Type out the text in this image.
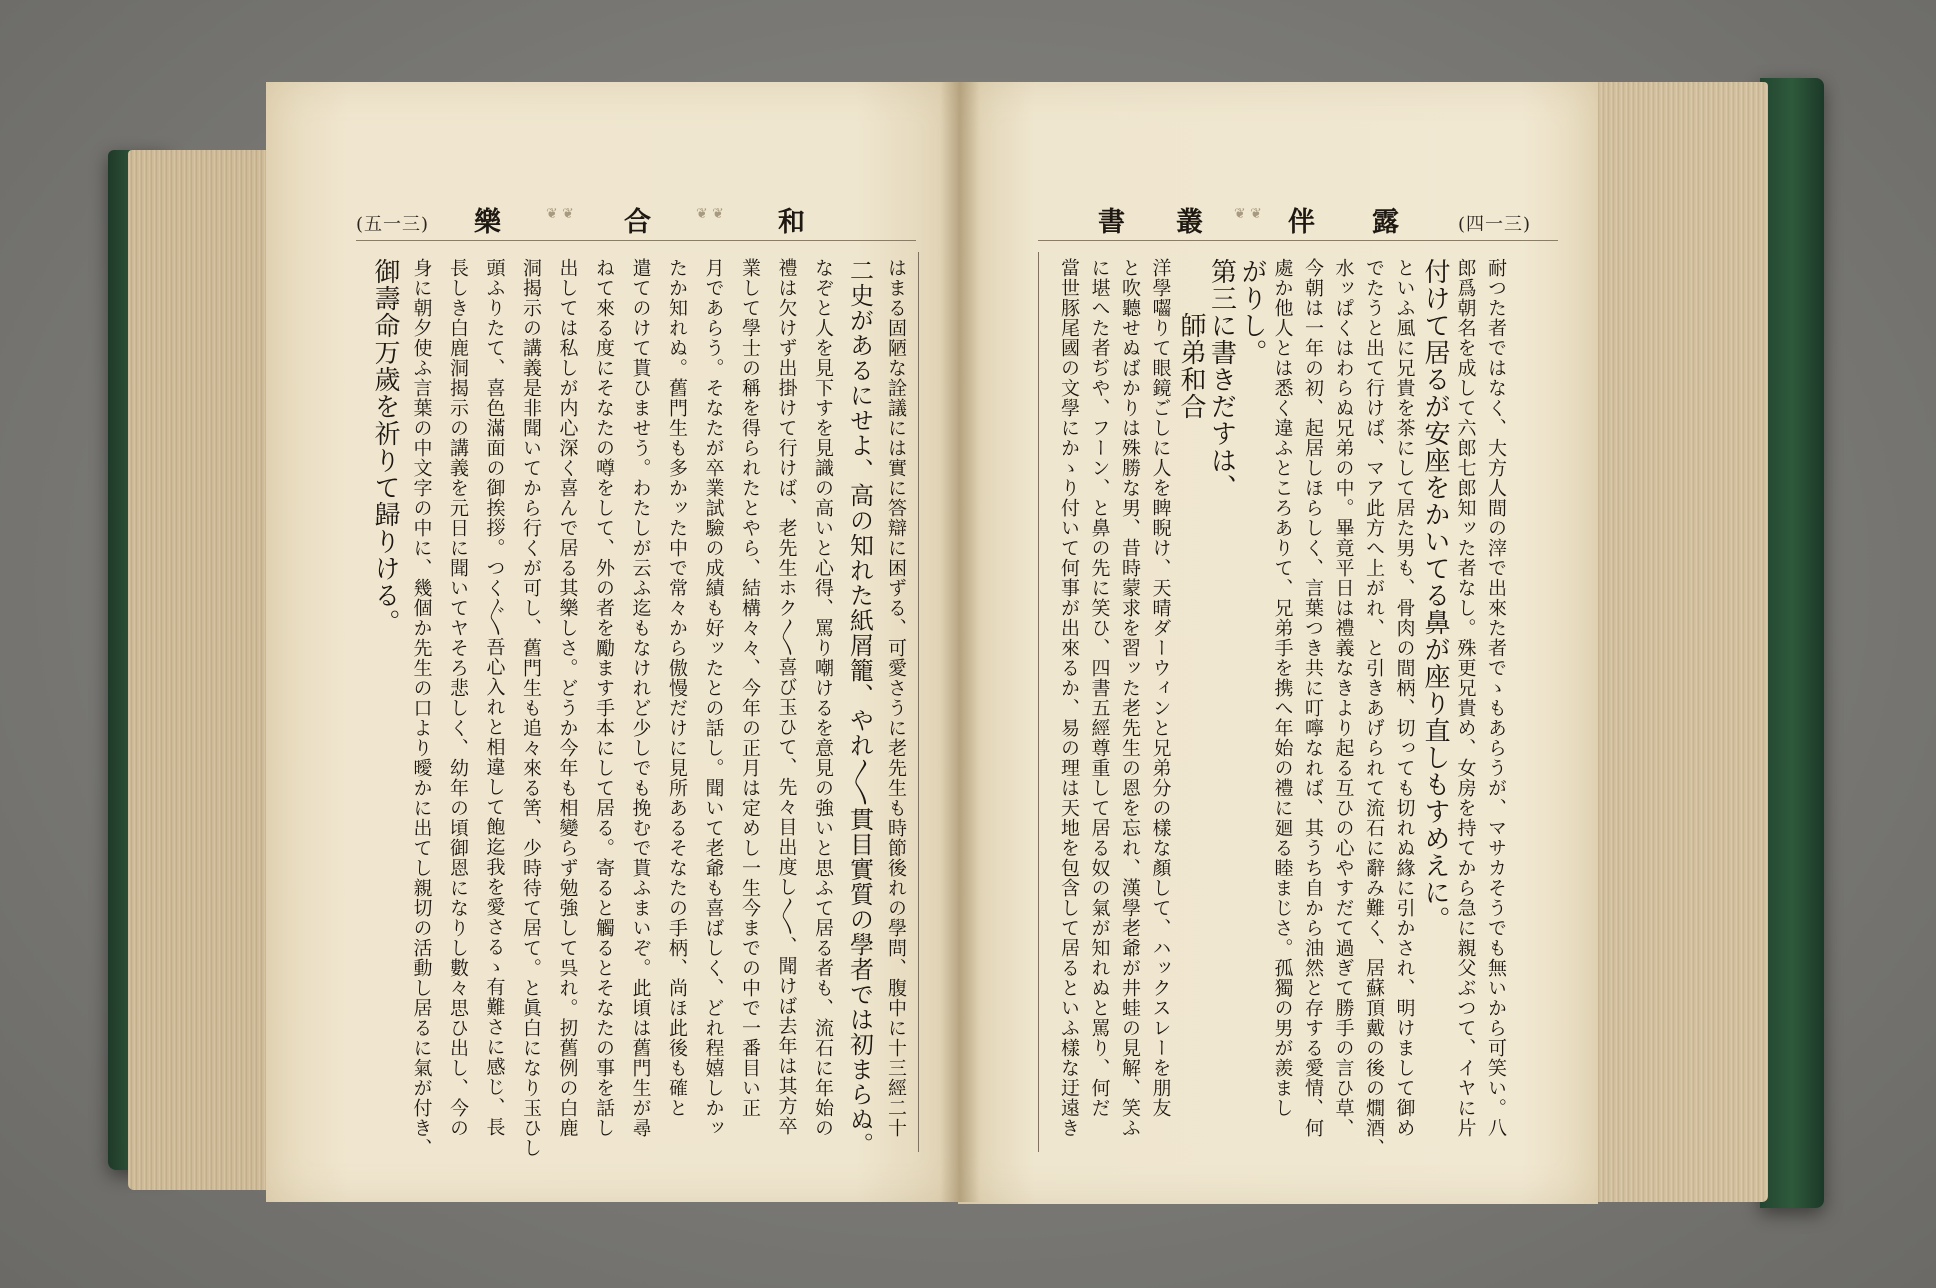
(五一三) 樂	❦ ❦ 合	❦ ❦ 和
はまる固陋な詮議には實に答辯に困ずる、可愛さうに老先生も時節後れの學問、腹中に十三經二十
二史があるにせよ、高の知れた紙屑籠、やれ〳〵貫目實質の學者では初まらぬ。
なぞと人を見下すを見識の高いと心得、罵り嘲けるを意見の強いと思ふて居る者も、流石に年始の
禮は欠けず出掛けて行けば、老先生ホク〳〵喜び玉ひて、先々目出度し〳〵、聞けば去年は其方卒
業して學士の稱を得られたとやら、結構々々、今年の正月は定めし一生今までの中で一番目い正
月であらう。そなたが卒業試驗の成績も好ッたとの話し。聞いて老爺も喜ばしく、どれ程嬉しかッ
たか知れぬ。舊門生も多かッた中で常々から傲慢だけに見所あるそなたの手柄、尚ほ此後も確と
遣てのけて貰ひませう。わたしが云ふ迄もなけれど少しでも挽むで貰ふまいぞ。此頃は舊門生が尋
ねて來る度にそなたの噂をして、外の者を勵ます手本にして居る。寄ると觸るとそなたの事を話し
出しては私しが内心深く喜んで居る其樂しさ。どうか今年も相變らず勉強して呉れ。扨舊例の白鹿
洞揭示の講義是非聞いてから行くが可し、舊門生も追々來る筈、少時待て居て。と眞白になり玉ひし
頭ふりたて、喜色滿面の御挨拶。つく〴〵吾心入れと相違して飽迄我を愛さるゝ有難さに感じ、長
長しき白鹿洞揭示の講義を元日に聞いてヤそろ悲しく、幼年の頃御恩になりし數々思ひ出し、今の
身に朝夕使ふ言葉の中文字の中に、幾個か先生の口より曖かに出てし親切の活動し居るに氣が付き、
御壽命万歲を祈りて歸りける。
書 叢 ❦ ❦ 伴 露	(四一三)
耐つた者ではなく、大方人間の滓で出來た者でゝもあらうが、マサカそうでも無いから可笑い。八
郎爲朝名を成して六郎七郎知ッた者なし。殊更兄貴め、女房を持てから急に親父ぶつて、イヤに片
付けて居るが安座をかいてる鼻が座り直しもすめえに。
といふ風に兄貴を茶にして居た男も、骨肉の間柄、切っても切れぬ緣に引かされ、明けまして御め
でたうと出て行けば、マア此方へ上がれ、と引きあげられて流石に辭み難く、居蘇頂戴の後の燗酒、
水ッぱくはわらぬ兄弟の中。畢竟平日は禮義なきより起る互ひの心やすだて過ぎて勝手の言ひ草、
今朝は一年の初、起居しほらしく、言葉つき共に叮嚀なれば、其うち自から油然と存する愛情、何
處か他人とは悉く違ふところありて、兄弟手を携へ年始の禮に廻る睦まじさ。孤獨の男が羨まし
がりし。
第三に書きだすは、
　　師弟和合
洋學囓りて眼鏡ごしに人を睥睨け、天晴ダーウィンと兄弟分の樣な顏して、ハックスレーを朋友
と吹聽せぬばかりは殊勝な男、昔時蒙求を習ッた老先生の恩を忘れ、漢學老爺が井蛙の見解、笑ふ
に堪へた者ぢや、フーン、と鼻の先に笑ひ、四書五經尊重して居る奴の氣が知れぬと罵り、何だ
當世豚尾國の文學にかゝり付いて何事が出來るか、易の理は天地を包含して居るといふ樣な迂遠き
